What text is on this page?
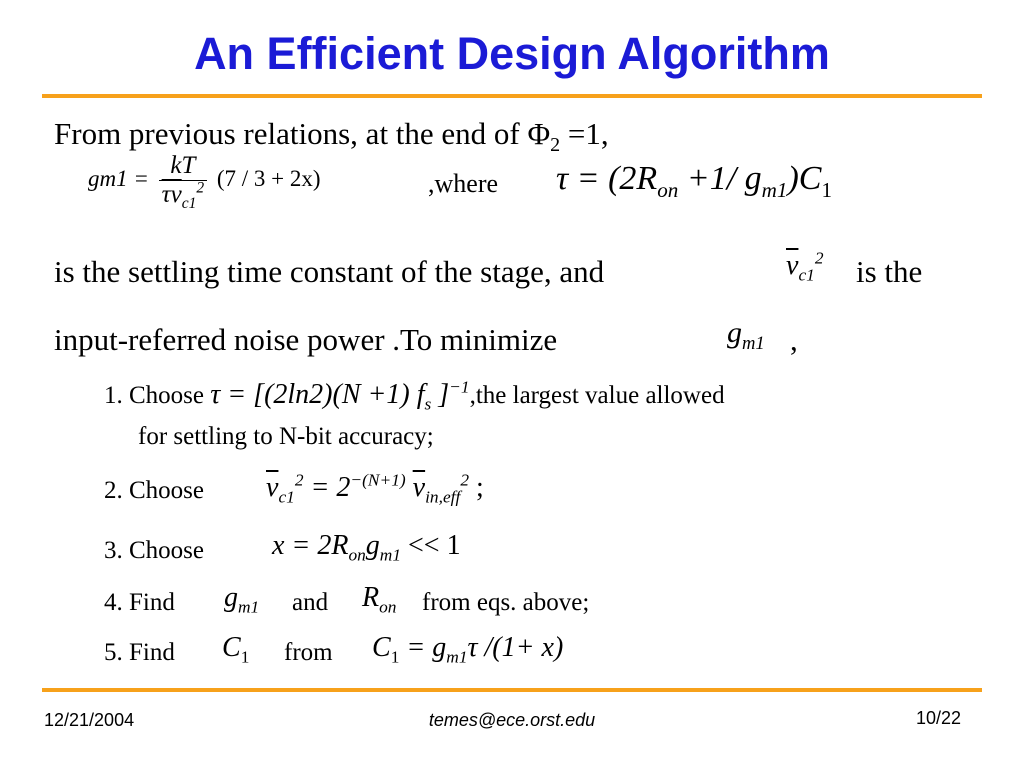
An Efficient Design Algorithm
From previous relations, at the end of $\Phi_2 =1$,
$gm1 = \frac{kT}{\overline{\tau v}_{c1}^2} (7 / 3 + 2x)$	,where $\tau = (2R_{on} +1/$ $g_{m1})C_1$
is the settling time constant of the stage, and	$\overline{v}_{c1}^2$ is the
input-referred noise power .To minimize	$g_{m1}$ ,
1. Choose τ = [(2ln2)(N +1) $f_s$ ]$^{-1}$,the largest value allowed
for settling to N-bit accuracy;
2. Choose $\overline{v}_{c1}^2 = 2^{-(N+1)}$ $\overline{v}_{in,eff}^2$ ;
3. Choose $x = 2R_{on}g_{m1} << 1$
4. Find $g_{m1}$ and $R_{on}$ from eqs. above;
5. Find $C_1$ from $C_1 = g_{m1}\tau$ /(1+ x)
12/21/2004	temes@ece.orst.edu	10/22
